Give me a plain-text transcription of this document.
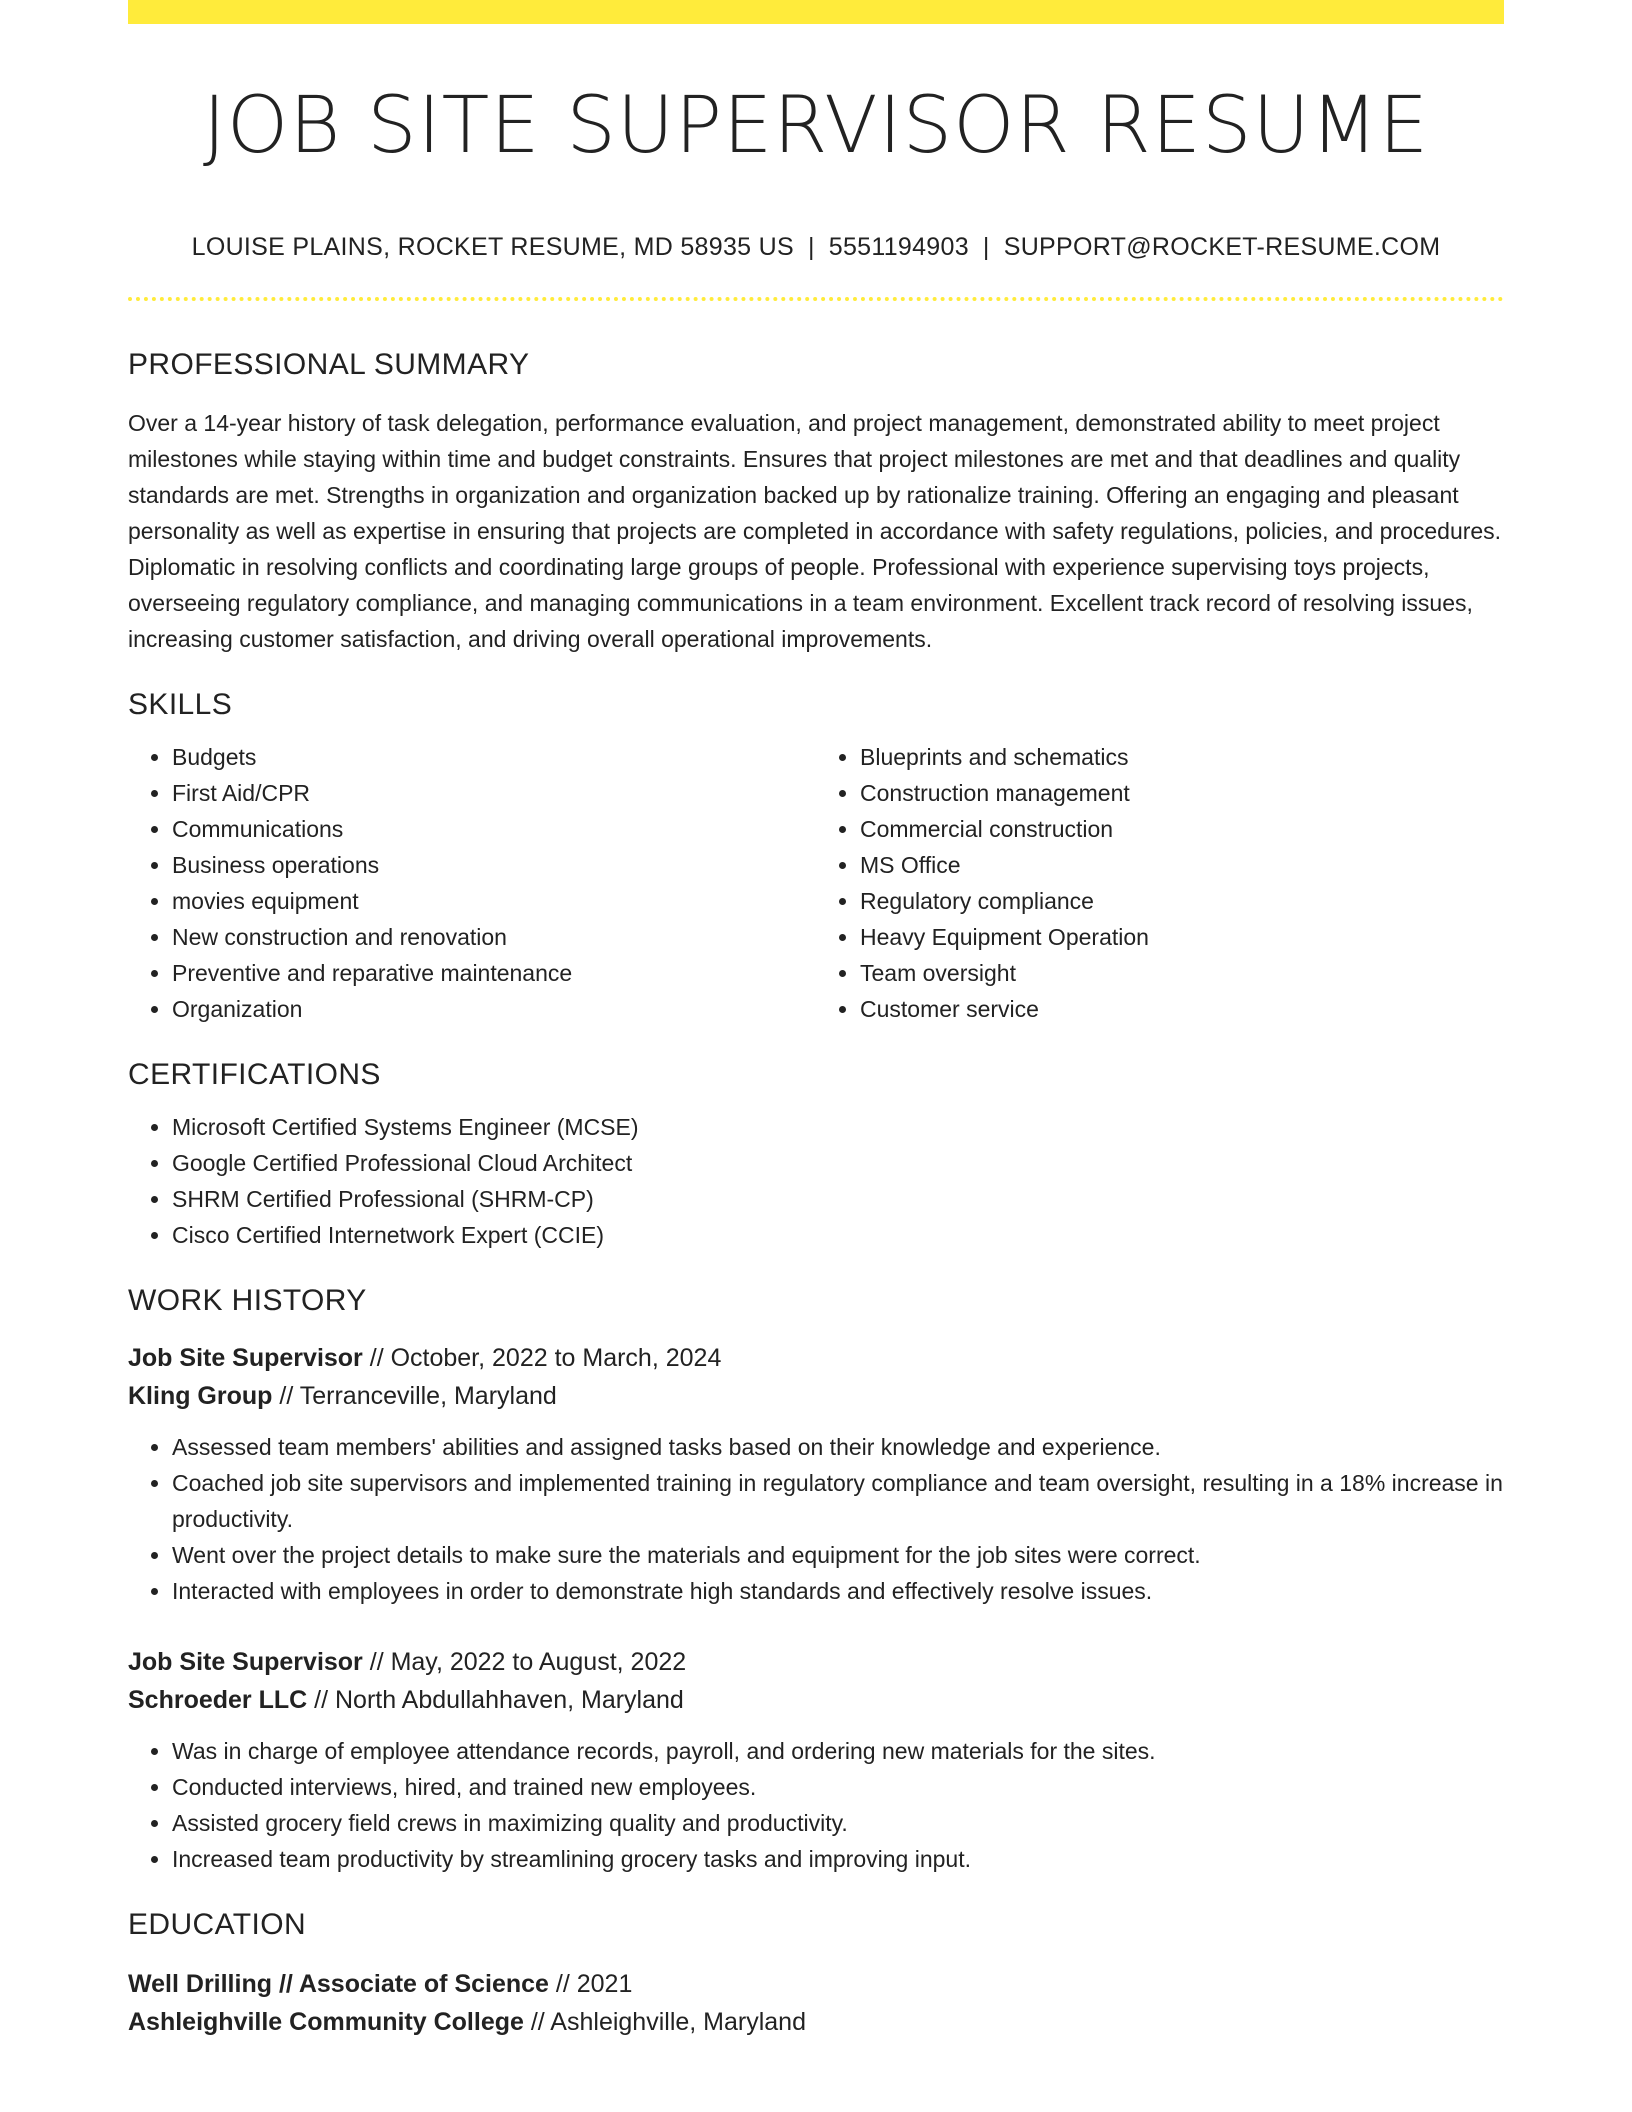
JOB SITE SUPERVISOR RESUME
LOUISE PLAINS, ROCKET RESUME, MD 58935 US | 5551194903 | SUPPORT@ROCKET-RESUME.COM
PROFESSIONAL SUMMARY

Over a 14-year history of task delegation, performance evaluation, and project management, demonstrated ability to meet project milestones while staying within time and budget constraints. Ensures that project milestones are met and that deadlines and quality standards are met. Strengths in organization and organization backed up by rationalize training. Offering an engaging and pleasant personality as well as expertise in ensuring that projects are completed in accordance with safety regulations, policies, and procedures. Diplomatic in resolving conflicts and coordinating large groups of people. Professional with experience supervising toys projects, overseeing regulatory compliance, and managing communications in a team environment. Excellent track record of resolving issues, increasing customer satisfaction, and driving overall operational improvements.

SKILLS
• Budgets
• First Aid/CPR
• Communications
• Business operations
• movies equipment
• New construction and renovation
• Preventive and reparative maintenance
• Organization
• Blueprints and schematics
• Construction management
• Commercial construction
• MS Office
• Regulatory compliance
• Heavy Equipment Operation
• Team oversight
• Customer service
CERTIFICATIONS
• Microsoft Certified Systems Engineer (MCSE)
• Google Certified Professional Cloud Architect
• SHRM Certified Professional (SHRM-CP)
• Cisco Certified Internetwork Expert (CCIE)
WORK HISTORY
Job Site Supervisor // October, 2022 to March, 2024
Kling Group // Terranceville, Maryland
• Assessed team members' abilities and assigned tasks based on their knowledge and experience.
• Coached job site supervisors and implemented training in regulatory compliance and team oversight, resulting in a 18% increase in productivity.
• Went over the project details to make sure the materials and equipment for the job sites were correct.
• Interacted with employees in order to demonstrate high standards and effectively resolve issues.
Job Site Supervisor // May, 2022 to August, 2022
Schroeder LLC // North Abdullahhaven, Maryland
• Was in charge of employee attendance records, payroll, and ordering new materials for the sites.
• Conducted interviews, hired, and trained new employees.
• Assisted grocery field crews in maximizing quality and productivity.
• Increased team productivity by streamlining grocery tasks and improving input.
EDUCATION
Well Drilling // Associate of Science // 2021
Ashleighville Community College // Ashleighville, Maryland
